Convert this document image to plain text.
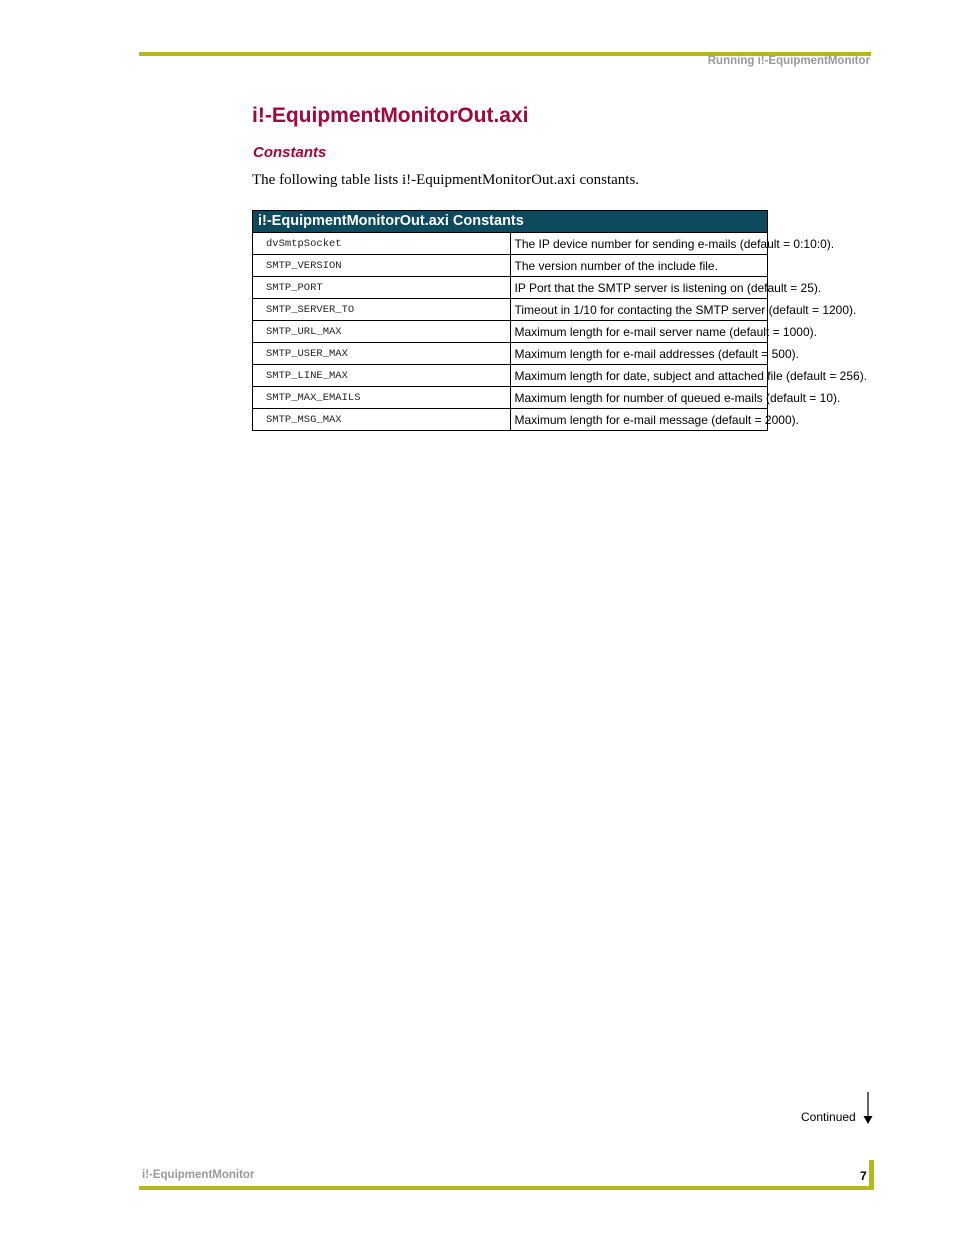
Running i!-EquipmentMonitor
i!-EquipmentMonitorOut.axi
Constants

The following table lists i!-EquipmentMonitorOut.axi constants.

i!-EquipmentMonitorOut.axi Constants	
dvSmtpSocket	The IP device number for sending e-mails (default = 0:10:0).
SMTP_VERSION	The version number of the include file.
SMTP_PORT	IP Port that the SMTP server is listening on (default = 25).
SMTP_SERVER_TO	Timeout in 1/10 for contacting the SMTP server (default = 1200).
SMTP_URL_MAX	Maximum length for e-mail server name (default = 1000).
SMTP_USER_MAX	Maximum length for e-mail addresses (default = 500).
SMTP_LINE_MAX	Maximum length for date, subject and attached file (default = 256).
SMTP_MAX_EMAILS	Maximum length for number of queued e-mails (default = 10).
SMTP_MSG_MAX	Maximum length for e-mail message (default = 2000).
Continued
i!-EquipmentMonitor	7
